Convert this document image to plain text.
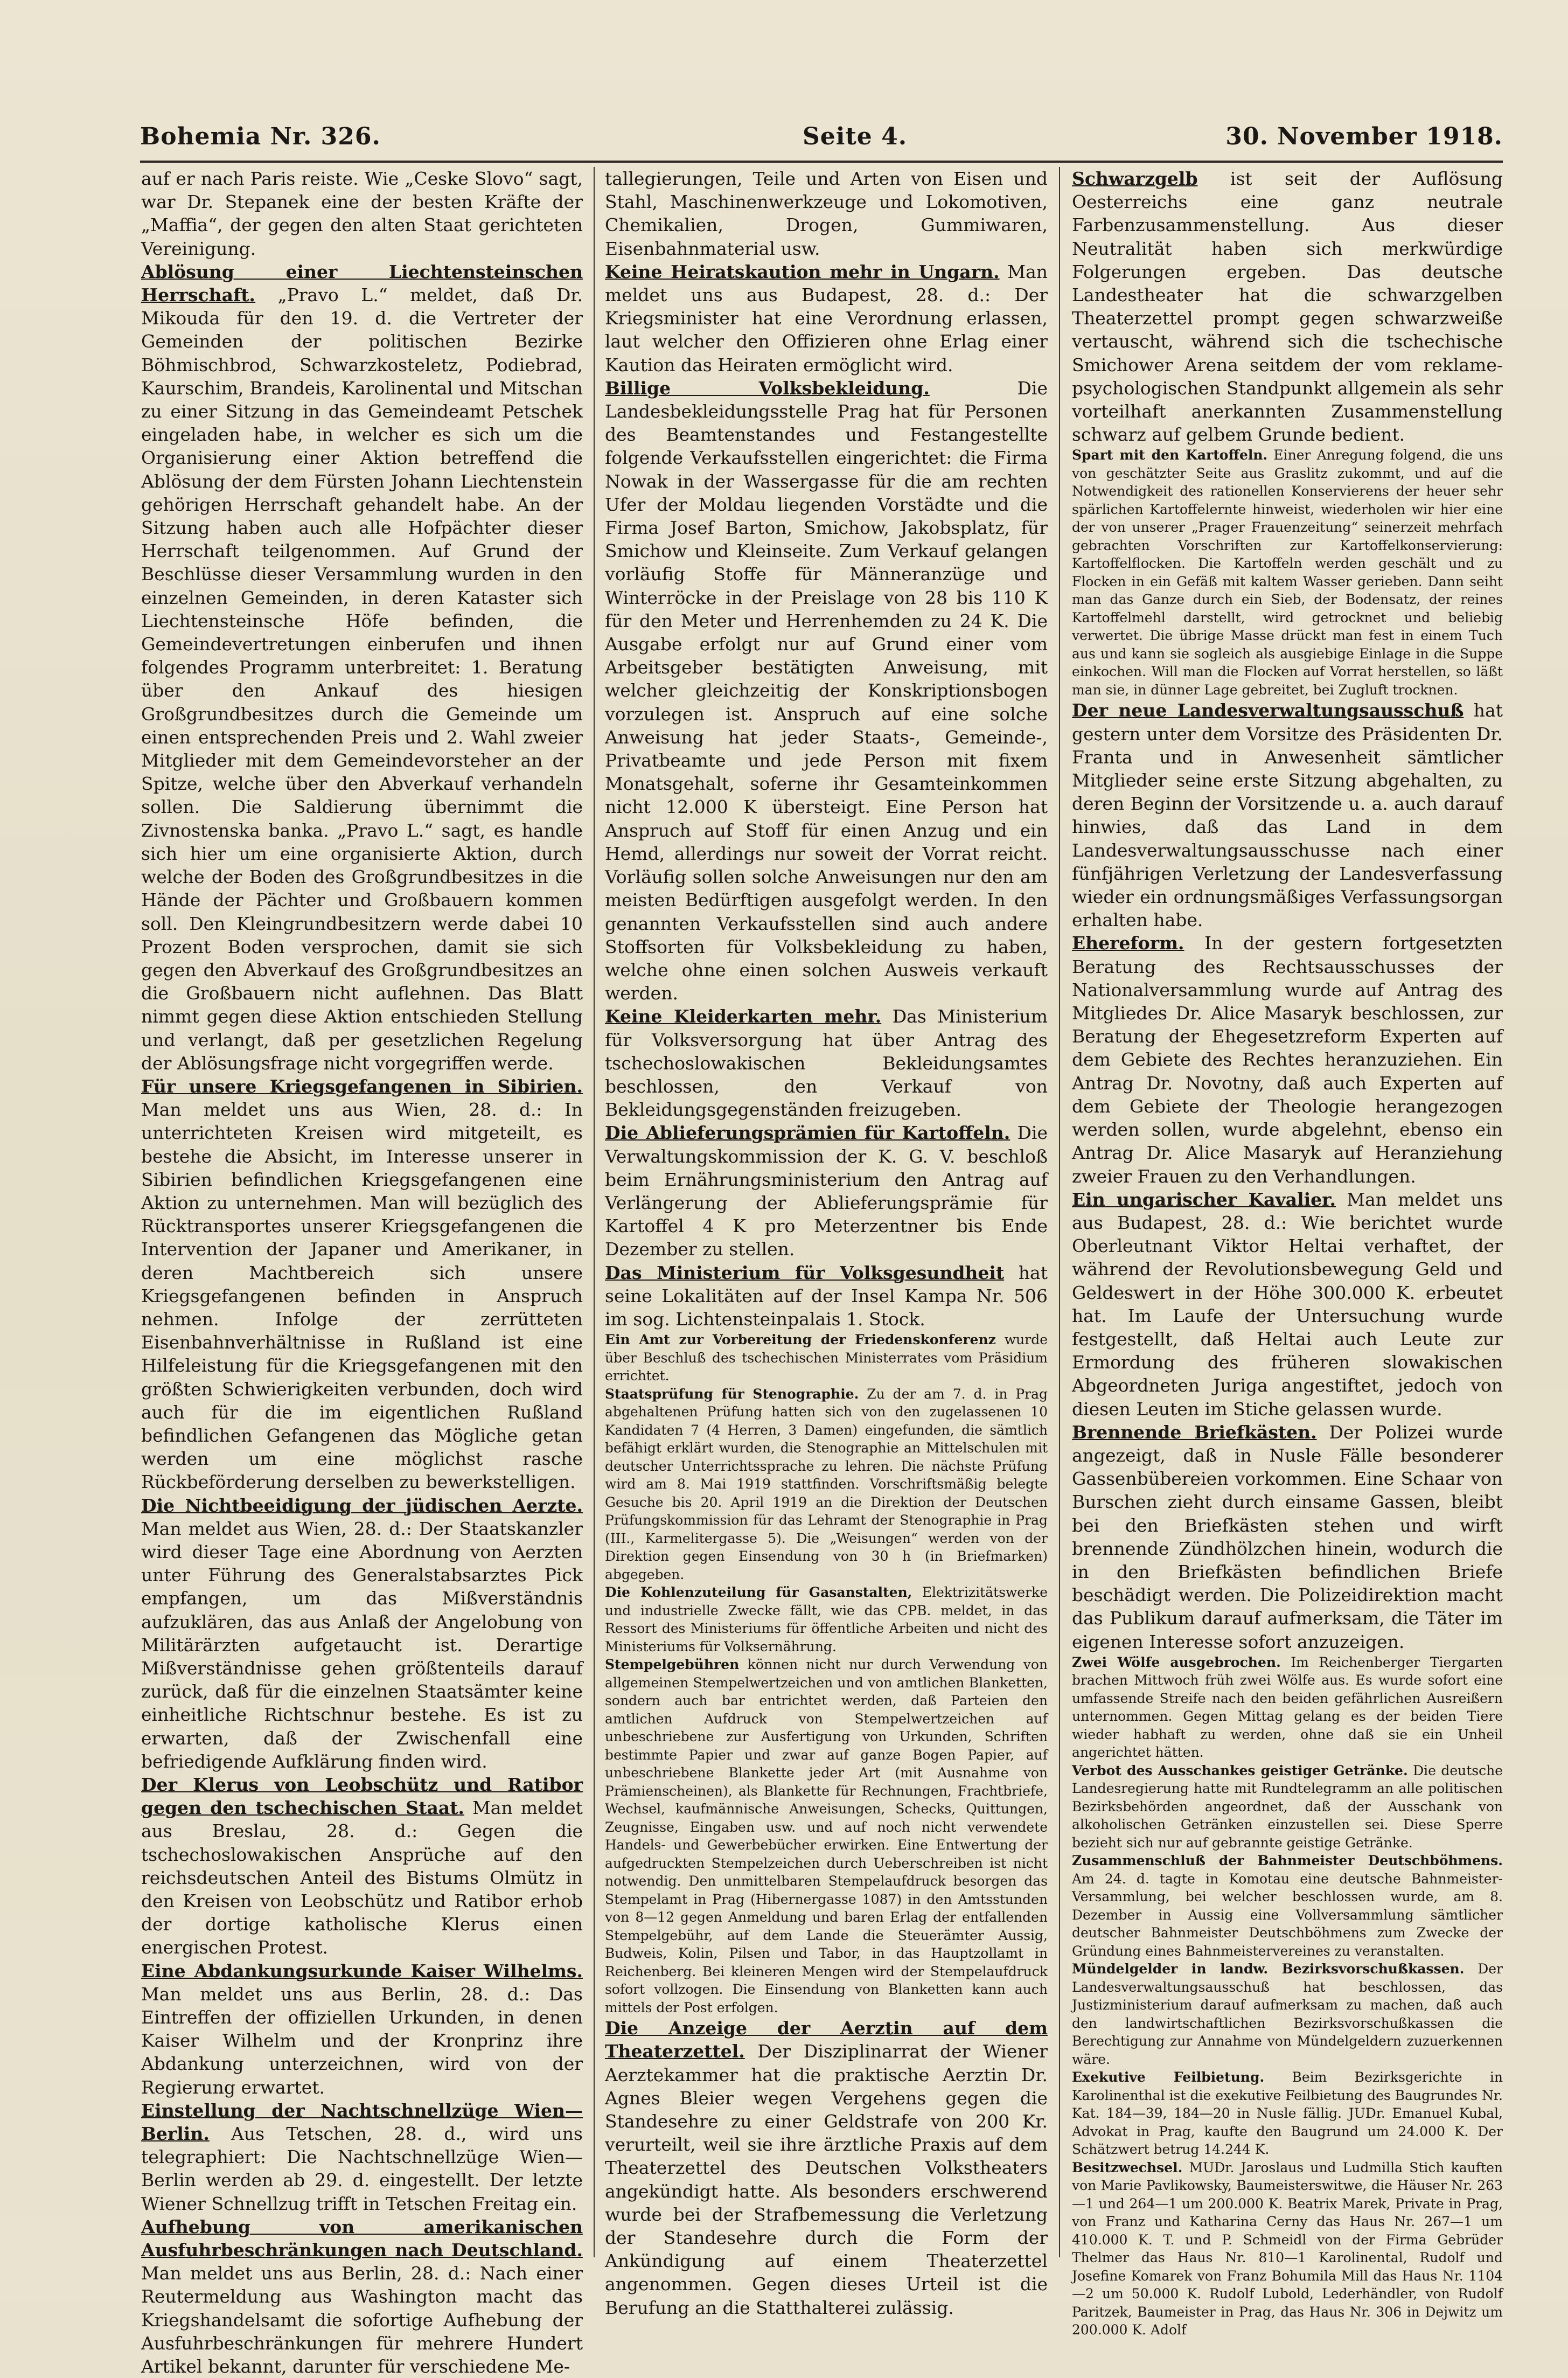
Bohemia Nr. 326.	Seite 4.	30. November 1918.

auf er nach Paris reiste. Wie „Ceske Slovo“ sagt, war Dr. Stepanek eine der besten Kräfte der „Maffia“, der gegen den alten Staat gerichteten Vereinigung.

Ablösung einer Liechtensteinschen Herrschaft. „Pravo L.“ meldet, daß Dr. Mikouda für den 19. d. die Vertreter der Gemeinden der politischen Bezirke Böhmischbrod, Schwarzkosteletz, Podiebrad, Kaurschim, Brandeis, Karolinental und Mitschan zu einer Sitzung in das Gemeindeamt Petschek eingeladen habe, in welcher es sich um die Organisierung einer Aktion betreffend die Ablösung der dem Fürsten Johann Liechtenstein gehörigen Herrschaft gehandelt habe. An der Sitzung haben auch alle Hofpächter dieser Herrschaft teilgenommen. Auf Grund der Beschlüsse dieser Versammlung wurden in den einzelnen Gemeinden, in deren Kataster sich Liechtensteinsche Höfe befinden, die Gemeindevertretungen einberufen und ihnen folgendes Programm unterbreitet: 1. Beratung über den Ankauf des hiesigen Großgrundbesitzes durch die Gemeinde um einen entsprechenden Preis und 2. Wahl zweier Mitglieder mit dem Gemeindevorsteher an der Spitze, welche über den Abverkauf verhandeln sollen. Die Saldierung übernimmt die Zivnostenska banka. „Pravo L.“ sagt, es handle sich hier um eine organisierte Aktion, durch welche der Boden des Großgrundbesitzes in die Hände der Pächter und Großbauern kommen soll. Den Kleingrundbesitzern werde dabei 10 Prozent Boden versprochen, damit sie sich gegen den Abverkauf des Großgrundbesitzes an die Großbauern nicht auflehnen. Das Blatt nimmt gegen diese Aktion entschieden Stellung und verlangt, daß per gesetzlichen Regelung der Ablösungsfrage nicht vorgegriffen werde.

Für unsere Kriegsgefangenen in Sibirien. Man meldet uns aus Wien, 28. d.: In unterrichteten Kreisen wird mitgeteilt, es bestehe die Absicht, im Interesse unserer in Sibirien befindlichen Kriegsgefangenen eine Aktion zu unternehmen. Man will bezüglich des Rücktransportes unserer Kriegsgefangenen die Intervention der Japaner und Amerikaner, in deren Machtbereich sich unsere Kriegsgefangenen befinden in Anspruch nehmen. Infolge der zerrütteten Eisenbahnverhältnisse in Rußland ist eine Hilfeleistung für die Kriegsgefangenen mit den größten Schwierigkeiten verbunden, doch wird auch für die im eigentlichen Rußland befindlichen Gefangenen das Mögliche getan werden um eine möglichst rasche Rückbeförderung derselben zu bewerkstelligen.

Die Nichtbeeidigung der jüdischen Aerzte. Man meldet aus Wien, 28. d.: Der Staatskanzler wird dieser Tage eine Abordnung von Aerzten unter Führung des Generalstabsarztes Pick empfangen, um das Mißverständnis aufzuklären, das aus Anlaß der Angelobung von Militärärzten aufgetaucht ist. Derartige Mißverständnisse gehen größtenteils darauf zurück, daß für die einzelnen Staatsämter keine einheitliche Richtschnur bestehe. Es ist zu erwarten, daß der Zwischenfall eine befriedigende Aufklärung finden wird.

Der Klerus von Leobschütz und Ratibor gegen den tschechischen Staat. Man meldet aus Breslau, 28. d.: Gegen die tschechoslowakischen Ansprüche auf den reichsdeutschen Anteil des Bistums Olmütz in den Kreisen von Leobschütz und Ratibor erhob der dortige katholische Klerus einen energischen Protest.

Eine Abdankungsurkunde Kaiser Wilhelms. Man meldet uns aus Berlin, 28. d.: Das Eintreffen der offiziellen Urkunden, in denen Kaiser Wilhelm und der Kronprinz ihre Abdankung unterzeichnen, wird von der Regierung erwartet.

Einstellung der Nachtschnellzüge Wien—Berlin. Aus Tetschen, 28. d., wird uns telegraphiert: Die Nachtschnellzüge Wien—Berlin werden ab 29. d. eingestellt. Der letzte Wiener Schnellzug trifft in Tetschen Freitag ein.

Aufhebung von amerikanischen Ausfuhrbeschränkungen nach Deutschland. Man meldet uns aus Berlin, 28. d.: Nach einer Reutermeldung aus Washington macht das Kriegshandelsamt die sofortige Aufhebung der Ausfuhrbeschränkungen für mehrere Hundert Artikel bekannt, darunter für verschiedene Me-

tallegierungen, Teile und Arten von Eisen und Stahl, Maschinenwerkzeuge und Lokomotiven, Chemikalien, Drogen, Gummiwaren, Eisenbahnmaterial usw.

Keine Heiratskaution mehr in Ungarn. Man meldet uns aus Budapest, 28. d.: Der Kriegsminister hat eine Verordnung erlassen, laut welcher den Offizieren ohne Erlag einer Kaution das Heiraten ermöglicht wird.

Billige Volksbekleidung.	Die Landesbekleidungsstelle Prag hat für Personen des Beamtenstandes und Festangestellte folgende Verkaufsstellen eingerichtet: die Firma Nowak in der Wassergasse für die am rechten Ufer der Moldau liegenden Vorstädte und die Firma Josef Barton, Smichow, Jakobsplatz, für Smichow und Kleinseite. Zum Verkauf gelangen vorläufig Stoffe für Männeranzüge und Winterröcke in der Preislage von 28 bis 110 K für den Meter und Herrenhemden zu 24 K. Die Ausgabe erfolgt nur auf Grund einer vom Arbeitsgeber bestätigten Anweisung, mit welcher gleichzeitig der Konskriptionsbogen vorzulegen ist. Anspruch auf eine solche Anweisung hat jeder Staats-, Gemeinde-, Privatbeamte und jede Person mit fixem Monatsgehalt, soferne ihr Gesamteinkommen nicht 12.000 K übersteigt. Eine Person hat Anspruch auf Stoff für einen Anzug und ein Hemd, allerdings nur soweit der Vorrat reicht. Vorläufig sollen solche Anweisungen nur den am meisten Bedürftigen ausgefolgt werden. In den genannten Verkaufsstellen sind auch andere Stoffsorten für Volksbekleidung zu haben, welche ohne einen solchen Ausweis verkauft werden.

Keine Kleiderkarten mehr. Das Ministerium für Volksversorgung hat über Antrag des tschechoslowakischen Bekleidungsamtes beschlossen, den Verkauf von Bekleidungsgegenständen freizugeben.

Die Ablieferungsprämien für Kartoffeln. Die Verwaltungskommission der K. G. V. beschloß beim Ernährungsministerium den Antrag auf Verlängerung der Ablieferungsprämie für Kartoffel 4 K pro Meterzentner bis Ende Dezember zu stellen.

Das Ministerium für Volksgesundheit hat seine Lokalitäten auf der Insel Kampa Nr. 506 im sog. Lichtensteinpalais 1. Stock.

Ein Amt zur Vorbereitung der Friedenskonferenz wurde über Beschluß des tschechischen Ministerrates vom Präsidium errichtet.

Staatsprüfung für Stenographie. Zu der am 7. d. in Prag abgehaltenen Prüfung hatten sich von den zugelassenen 10 Kandidaten 7 (4 Herren, 3 Damen) eingefunden, die sämtlich befähigt erklärt wurden, die Stenographie an Mittelschulen mit deutscher Unterrichtssprache zu lehren. Die nächste Prüfung wird am 8. Mai 1919 stattfinden. Vorschriftsmäßig belegte Gesuche bis 20. April 1919 an die Direktion der Deutschen Prüfungskommission für das Lehramt der Stenographie in Prag (III., Karmelitergasse 5). Die „Weisungen“ werden von der Direktion gegen Einsendung von 30 h (in Briefmarken) abgegeben.

Die Kohlenzuteilung für Gasanstalten, Elektrizitätswerke und industrielle Zwecke fällt, wie das CPB. meldet, in das Ressort des Ministeriums für öffentliche Arbeiten und nicht des Ministeriums für Volksernährung.

Stempelgebühren können nicht nur durch Verwendung von allgemeinen Stempelwertzeichen und von amtlichen Blanketten, sondern auch bar entrichtet werden, daß Parteien den amtlichen Aufdruck von Stempelwertzeichen auf unbeschriebene zur Ausfertigung von Urkunden, Schriften bestimmte Papier und zwar auf ganze Bogen Papier, auf unbeschriebene Blankette jeder Art (mit Ausnahme von Prämienscheinen), als Blankette für Rechnungen, Frachtbriefe, Wechsel, kaufmännische Anweisungen, Schecks, Quittungen, Zeugnisse, Eingaben usw. und auf noch nicht verwendete Handels- und Gewerbebücher erwirken. Eine Entwertung der aufgedruckten Stempelzeichen durch Ueberschreiben ist nicht notwendig. Den unmittelbaren Stempelaufdruck besorgen das Stempelamt in Prag (Hibernergasse 1087) in den Amtsstunden von 8—12 gegen Anmeldung und baren Erlag der entfallenden Stempelgebühr, auf dem Lande die Steuerämter Aussig, Budweis, Kolin, Pilsen und Tabor, in das Hauptzollamt in Reichenberg. Bei kleineren Mengen wird der Stempelaufdruck sofort vollzogen. Die Einsendung von Blanketten kann auch mittels der Post erfolgen.

Die Anzeige der Aerztin auf dem Theaterzettel. Der Disziplinarrat der Wiener Aerztekammer hat die praktische Aerztin Dr. Agnes Bleier wegen Vergehens gegen die Standesehre zu einer Geldstrafe von 200 Kr. verurteilt, weil sie ihre ärztliche Praxis auf dem Theaterzettel des Deutschen Volkstheaters angekündigt hatte. Als besonders erschwerend wurde bei der Strafbemessung die Verletzung der Standesehre durch die Form der Ankündigung auf einem Theaterzettel angenommen. Gegen dieses Urteil ist die Berufung an die Statthalterei zulässig.

Schwarzgelb ist seit der Auflösung Oesterreichs eine ganz neutrale Farbenzusammenstellung. Aus dieser Neutralität haben sich merkwürdige Folgerungen ergeben. Das deutsche Landestheater hat die schwarzgelben Theaterzettel prompt gegen schwarzweiße vertauscht, während sich die tschechische Smichower Arena seitdem der vom reklame-psychologischen Standpunkt allgemein als sehr vorteilhaft anerkannten Zusammenstellung schwarz auf gelbem Grunde bedient.

Spart mit den Kartoffeln. Einer Anregung folgend, die uns von geschätzter Seite aus Graslitz zukommt, und auf die Notwendigkeit des rationellen Konservierens der heuer sehr spärlichen Kartoffelernte hinweist, wiederholen wir hier eine der von unserer „Prager Frauenzeitung“ seinerzeit mehrfach gebrachten Vorschriften zur Kartoffelkonservierung: Kartoffelflocken. Die Kartoffeln werden geschält und zu Flocken in ein Gefäß mit kaltem Wasser gerieben. Dann seiht man das Ganze durch ein Sieb, der Bodensatz, der reines Kartoffelmehl darstellt, wird getrocknet und beliebig verwertet. Die übrige Masse drückt man fest in einem Tuch aus und kann sie sogleich als ausgiebige Einlage in die Suppe einkochen. Will man die Flocken auf Vorrat herstellen, so läßt man sie, in dünner Lage gebreitet, bei Zugluft trocknen.

Der neue Landesverwaltungsausschuß hat gestern unter dem Vorsitze des Präsidenten Dr. Franta und in Anwesenheit sämtlicher Mitglieder seine erste Sitzung abgehalten, zu deren Beginn der Vorsitzende u. a. auch darauf hinwies, daß das Land in dem Landesverwaltungsausschusse nach einer fünfjährigen Verletzung der Landesverfassung wieder ein ordnungsmäßiges Verfassungsorgan erhalten habe.

Ehereform. In der gestern fortgesetzten Beratung des Rechtsausschusses der Nationalversammlung wurde auf Antrag des Mitgliedes Dr. Alice Masaryk beschlossen, zur Beratung der Ehegesetzreform Experten auf dem Gebiete des Rechtes heranzuziehen. Ein Antrag Dr. Novotny, daß auch Experten auf dem Gebiete der Theologie herangezogen werden sollen, wurde abgelehnt, ebenso ein Antrag Dr. Alice Masaryk auf Heranziehung zweier Frauen zu den Verhandlungen.

Ein ungarischer Kavalier. Man meldet uns aus Budapest, 28. d.: Wie berichtet wurde Oberleutnant Viktor Heltai verhaftet, der während der Revolutionsbewegung Geld und Geldeswert in der Höhe 300.000 K. erbeutet hat. Im Laufe der Untersuchung wurde festgestellt, daß Heltai auch Leute zur Ermordung des früheren slowakischen Abgeordneten Juriga angestiftet, jedoch von diesen Leuten im Stiche gelassen wurde.

Brennende Briefkästen. Der Polizei wurde angezeigt, daß in Nusle Fälle besonderer Gassenbübereien vorkommen. Eine Schaar von Burschen zieht durch einsame Gassen, bleibt bei den Briefkästen stehen und wirft brennende Zündhölzchen hinein, wodurch die in den Briefkästen befindlichen Briefe beschädigt werden. Die Polizeidirektion macht das Publikum darauf aufmerksam, die Täter im eigenen Interesse sofort anzuzeigen.

Zwei Wölfe ausgebrochen. Im Reichenberger Tiergarten brachen Mittwoch früh zwei Wölfe aus. Es wurde sofort eine umfassende Streife nach den beiden gefährlichen Ausreißern unternommen. Gegen Mittag gelang es der beiden Tiere wieder habhaft zu werden, ohne daß sie ein Unheil angerichtet hätten.

Verbot des Ausschankes geistiger Getränke. Die deutsche Landesregierung hatte mit Rundtelegramm an alle politischen Bezirksbehörden angeordnet, daß der Ausschank von alkoholischen Getränken einzustellen sei. Diese Sperre bezieht sich nur auf gebrannte geistige Getränke.

Zusammenschluß der Bahnmeister Deutschböhmens. Am 24. d. tagte in Komotau eine deutsche Bahnmeister-Versammlung, bei welcher beschlossen wurde, am 8. Dezember in Aussig eine Vollversammlung sämtlicher deutscher Bahnmeister Deutschböhmens zum Zwecke der Gründung eines Bahnmeistervereines zu veranstalten.

Mündelgelder in landw. Bezirksvorschußkassen. Der Landesverwaltungsausschuß hat beschlossen, das Justizministerium darauf aufmerksam zu machen, daß auch den landwirtschaftlichen Bezirksvorschußkassen die Berechtigung zur Annahme von Mündelgeldern zuzuerkennen wäre.

Exekutive Feilbietung. Beim Bezirksgerichte in Karolinenthal ist die exekutive Feilbietung des Baugrundes Nr. Kat. 184—39, 184—20 in Nusle fällig. JUDr. Emanuel Kubal, Advokat in Prag, kaufte den Baugrund um 24.000 K. Der Schätzwert betrug 14.244 K.

Besitzwechsel. MUDr. Jaroslaus und Ludmilla Stich kauften von Marie Pavlikowsky, Baumeisterswitwe, die Häuser Nr. 263—1 und 264—1 um 200.000 K. Beatrix Marek, Private in Prag, von Franz und Katharina Cerny das Haus Nr. 267—1 um 410.000 K. T. und P. Schmeidl von der Firma Gebrüder Thelmer das Haus Nr. 810—1 Karolinental, Rudolf und Josefine Komarek von Franz Bohumila Mill das Haus Nr. 1104—2 um 50.000 K. Rudolf Lubold, Lederhändler, von Rudolf Paritzek, Baumeister in Prag, das Haus Nr. 306 in Dejwitz um 200.000 K. Adolf
